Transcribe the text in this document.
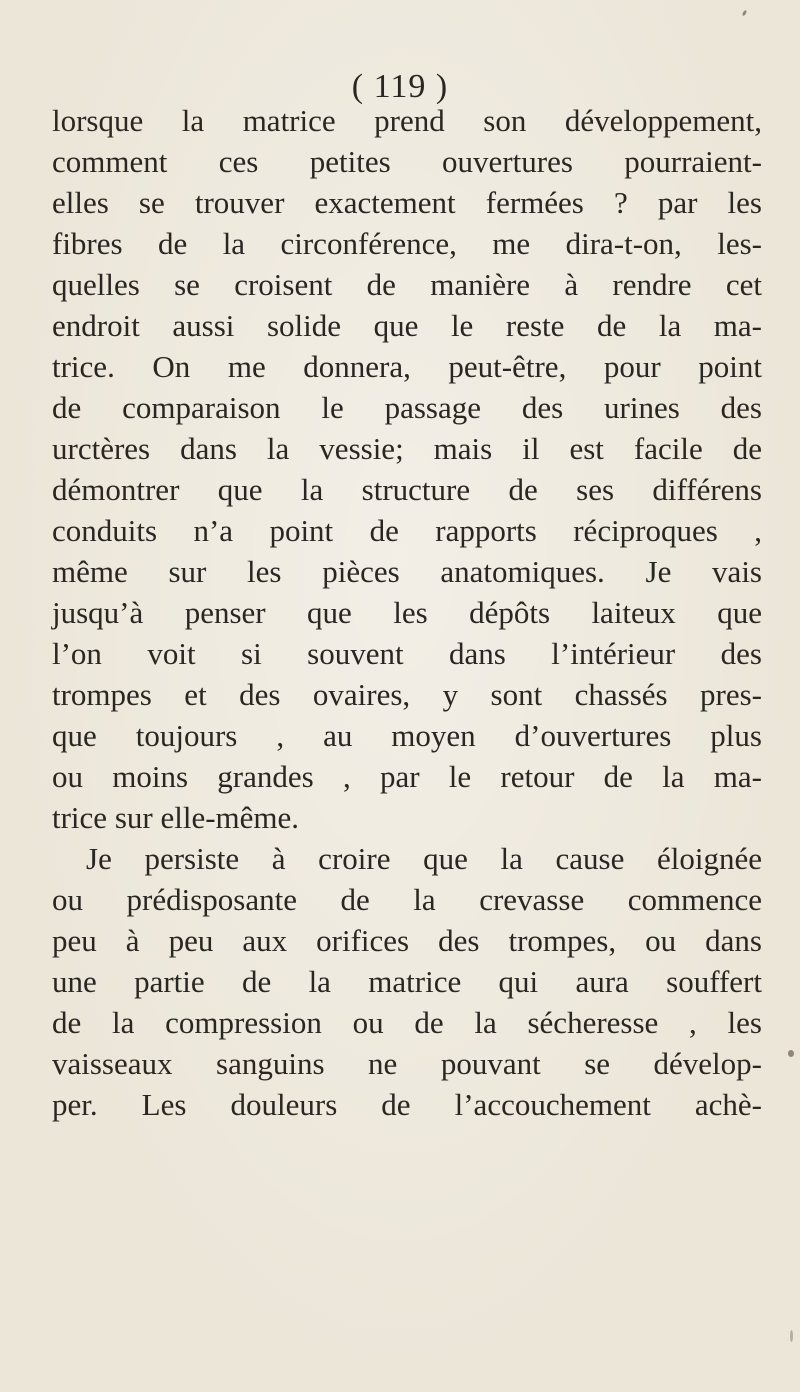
( 119 )
lorsque la matrice prend son développement,
comment ces petites ouvertures pourraient-
elles se trouver exactement fermées ? par les
fibres de la circonférence, me dira-t-on, les-
quelles se croisent de manière à rendre cet
endroit aussi solide que le reste de la ma-
trice. On me donnera, peut-être, pour point
de comparaison le passage des urines des
urctères dans la vessie; mais il est facile de
démontrer que la structure de ses différens
conduits n’a point de rapports réciproques ,
même sur les pièces anatomiques. Je vais
jusqu’à penser que les dépôts laiteux que
l’on voit si souvent dans l’intérieur des
trompes et des ovaires, y sont chassés pres-
que toujours , au moyen d’ouvertures plus
ou moins grandes , par le retour de la ma-
trice sur elle-même.
Je persiste à croire que la cause éloignée
ou prédisposante de la crevasse commence
peu à peu aux orifices des trompes, ou dans
une partie de la matrice qui aura souffert
de la compression ou de la sécheresse , les
vaisseaux sanguins ne pouvant se dévelop-
per. Les douleurs de l’accouchement achè-
